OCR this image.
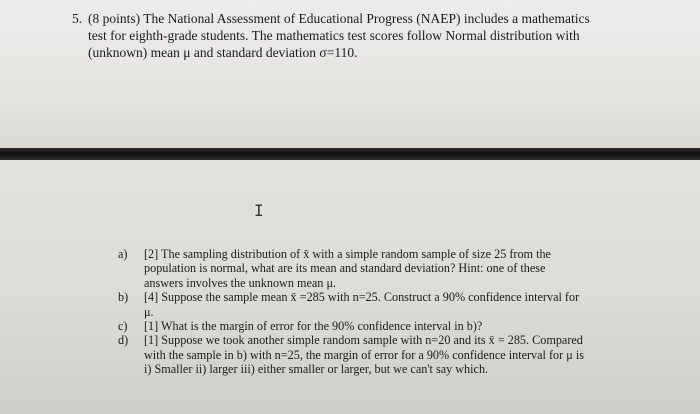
5. (8 points) The National Assessment of Educational Progress (NAEP) includes a mathematics test for eighth-grade students. The mathematics test scores follow Normal distribution with (unknown) mean μ and standard deviation σ=110.
I
a) [2] The sampling distribution of x̄ with a simple random sample of size 25 from the population is normal, what are its mean and standard deviation? Hint: one of these answers involves the unknown mean μ.
b) [4] Suppose the sample mean x̄ =285 with n=25. Construct a 90% confidence interval for μ.
c) [1] What is the margin of error for the 90% confidence interval in b)?
d) [1] Suppose we took another simple random sample with n=20 and its x̄ = 285. Compared with the sample in b) with n=25, the margin of error for a 90% confidence interval for μ is
i) Smaller ii) larger iii) either smaller or larger, but we can't say which.
